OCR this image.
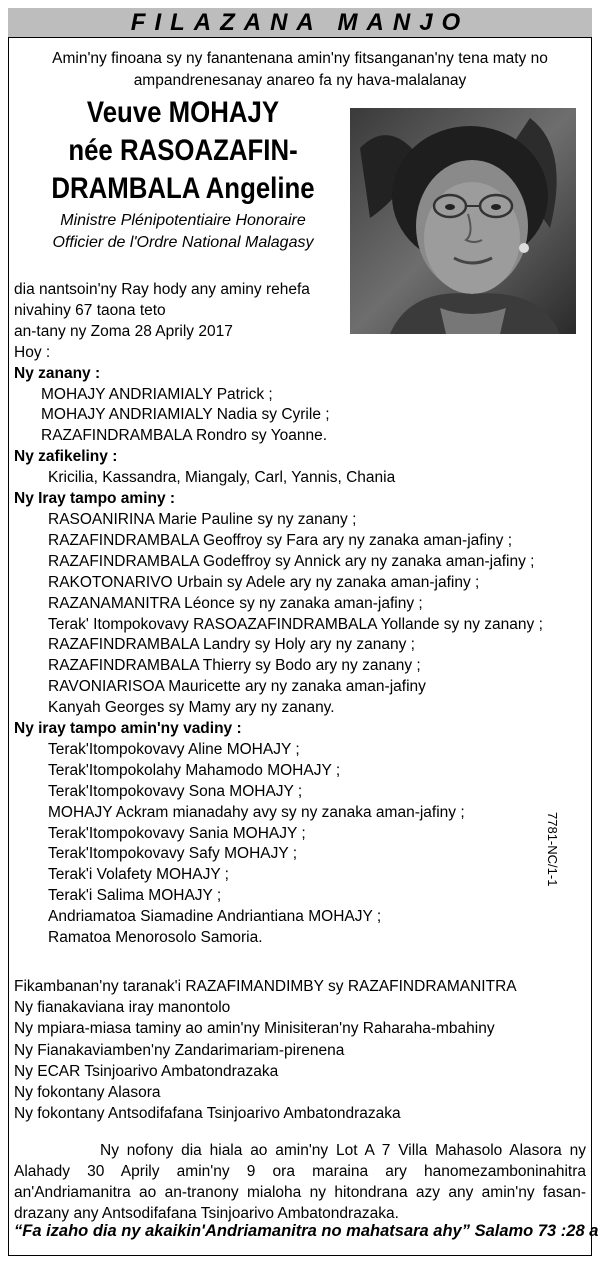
FILAZANA MANJO
Amin'ny finoana sy ny fanantenana amin'ny fitsanganan'ny tena maty no ampandrenesanay anareo fa ny hava-malalanay
Veuve MOHAJY
née RASOAZAFIN-
DRAMBALA Angeline
Ministre Plénipotentiaire Honoraire
Officier de l'Ordre National Malagasy

dia nantsoin'ny Ray hody any aminy rehefa

nivahiny 67 taona teto

an-tany ny Zoma 28 Aprily 2017

Hoy :

Ny zanany :

MOHAJY ANDRIAMIALY Patrick ;

MOHAJY ANDRIAMIALY Nadia sy Cyrile ;

RAZAFINDRAMBALA Rondro sy Yoanne.

Ny zafikeliny :

Kricilia, Kassandra, Miangaly, Carl, Yannis, Chania

Ny Iray tampo aminy :

RASOANIRINA Marie Pauline sy ny zanany ;

RAZAFINDRAMBALA Geoffroy sy Fara ary ny zanaka aman-jafiny ;

RAZAFINDRAMBALA Godeffroy sy Annick ary ny zanaka aman-jafiny ;

RAKOTONARIVO Urbain sy Adele ary ny zanaka aman-jafiny ;

RAZANAMANITRA Léonce sy ny zanaka aman-jafiny ;

Terak' Itompokovavy RASOAZAFINDRAMBALA Yollande sy ny zanany ;

RAZAFINDRAMBALA Landry sy Holy ary ny zanany ;

RAZAFINDRAMBALA Thierry sy Bodo ary ny zanany ;

RAVONIARISOA Mauricette ary ny zanaka aman-jafiny

Kanyah Georges sy Mamy ary ny zanany.

Ny iray tampo amin'ny vadiny :

Terak'Itompokovavy Aline MOHAJY ;

Terak'Itompokolahy Mahamodo MOHAJY ;

Terak'Itompokovavy Sona MOHAJY ;

MOHAJY Ackram mianadahy avy sy ny zanaka aman-jafiny ;

Terak'Itompokovavy Sania MOHAJY ;

Terak'Itompokovavy Safy MOHAJY ;

Terak'i Volafety MOHAJY ;

Terak'i Salima MOHAJY ;

Andriamatoa Siamadine Andriantiana MOHAJY ;

Ramatoa Menorosolo Samoria.

7781-NC/1-1

Fikambanan'ny taranak'i RAZAFIMANDIMBY sy RAZAFINDRAMANITRA

Ny fianakaviana iray manontolo

Ny mpiara-miasa taminy ao amin'ny Minisiteran'ny Raharaha-mbahiny

Ny Fianakaviamben'ny Zandarimariam-pirenena

Ny ECAR Tsinjoarivo Ambatondrazaka

Ny fokontany Alasora

Ny fokontany Antsodifafana Tsinjoarivo Ambatondrazaka

Ny nofony dia hiala ao amin'ny Lot A 7 Villa Mahasolo Alasora ny Alahady 30 Aprily amin'ny 9 ora maraina ary hanomezamboninahitra an'Andriamanitra ao an-tranony mialoha ny hitondrana azy any amin'ny fasan-drazany any Antsodifafana Tsinjoarivo Ambatondrazaka.
“Fa izaho dia ny akaikin'Andriamanitra no mahatsara ahy” Salamo 73 :28 a
